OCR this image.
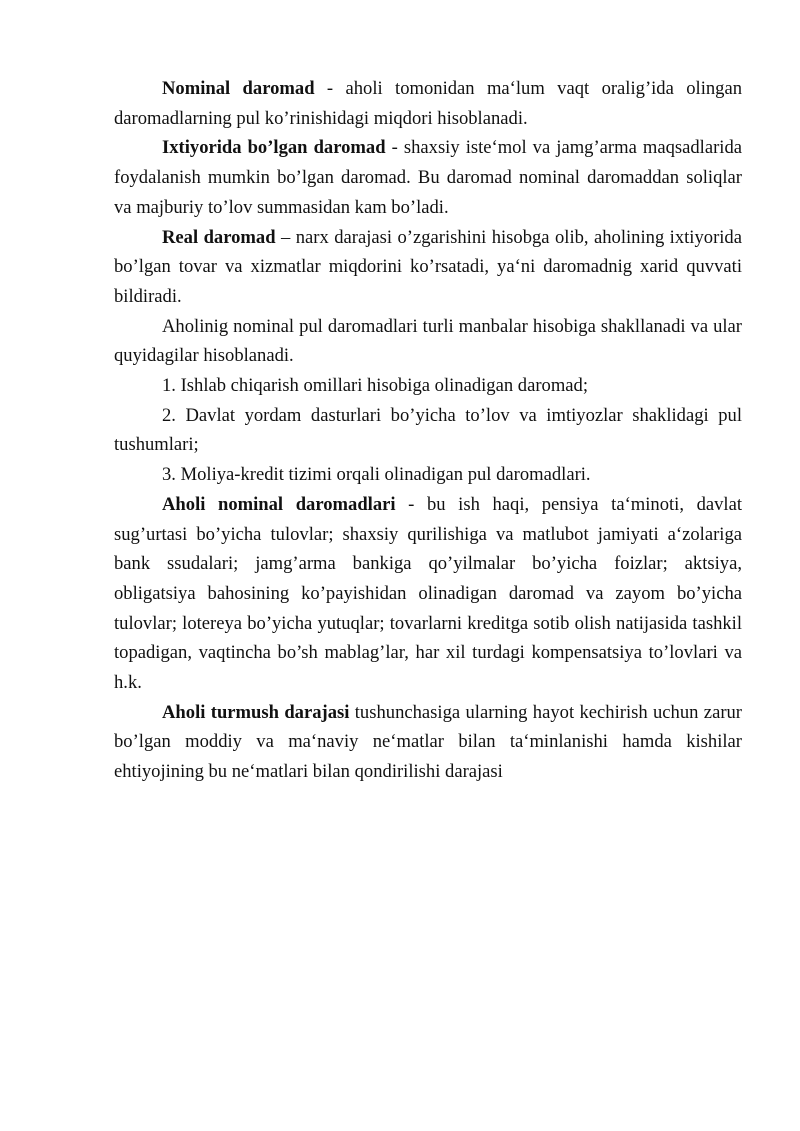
Nominal daromad - aholi tomonidan ma‘lum vaqt oralig’ida olingan daromadlarning pul ko’rinishidagi miqdori hisoblanadi.

Ixtiyorida bo’lgan daromad - shaxsiy iste‘mol va jamg’arma maqsadlarida foydalanish mumkin bo’lgan daromad. Bu daromad nominal daromaddan soliqlar va majburiy to’lov summasidan kam bo’ladi.

Real daromad – narx darajasi o’zgarishini hisobga olib, aholining ixtiyorida bo’lgan tovar va xizmatlar miqdorini ko’rsatadi, ya‘ni daromadnig xarid quvvati bildiradi.

Aholinig nominal pul daromadlari turli manbalar hisobiga shakllanadi va ular quyidagilar hisoblanadi.

1. Ishlab chiqarish omillari hisobiga olinadigan daromad;

2. Davlat yordam dasturlari bo’yicha to’lov va imtiyozlar shaklidagi pul tushumlari;

3. Moliya-kredit tizimi orqali olinadigan pul daromadlari.

Aholi nominal daromadlari - bu ish haqi, pensiya ta‘minoti, davlat sug’urtasi bo’yicha tulovlar; shaxsiy qurilishiga va matlubot jamiyati a‘zolariga bank ssudalari; jamg’arma bankiga qo’yilmalar bo’yicha foizlar; aktsiya, obligatsiya bahosining ko’payishidan olinadigan daromad va zayom bo’yicha tulovlar; lotereya bo’yicha yutuqlar; tovarlarni kreditga sotib olish natijasida tashkil topadigan, vaqtincha bo’sh mablag’lar, har xil turdagi kompensatsiya to’lovlari va h.k.

Aholi turmush darajasi tushunchasiga ularning hayot kechirish uchun zarur bo’lgan moddiy va ma‘naviy ne‘matlar bilan ta‘minlanishi hamda kishilar ehtiyojining bu ne‘matlari bilan qondirilishi darajasi
